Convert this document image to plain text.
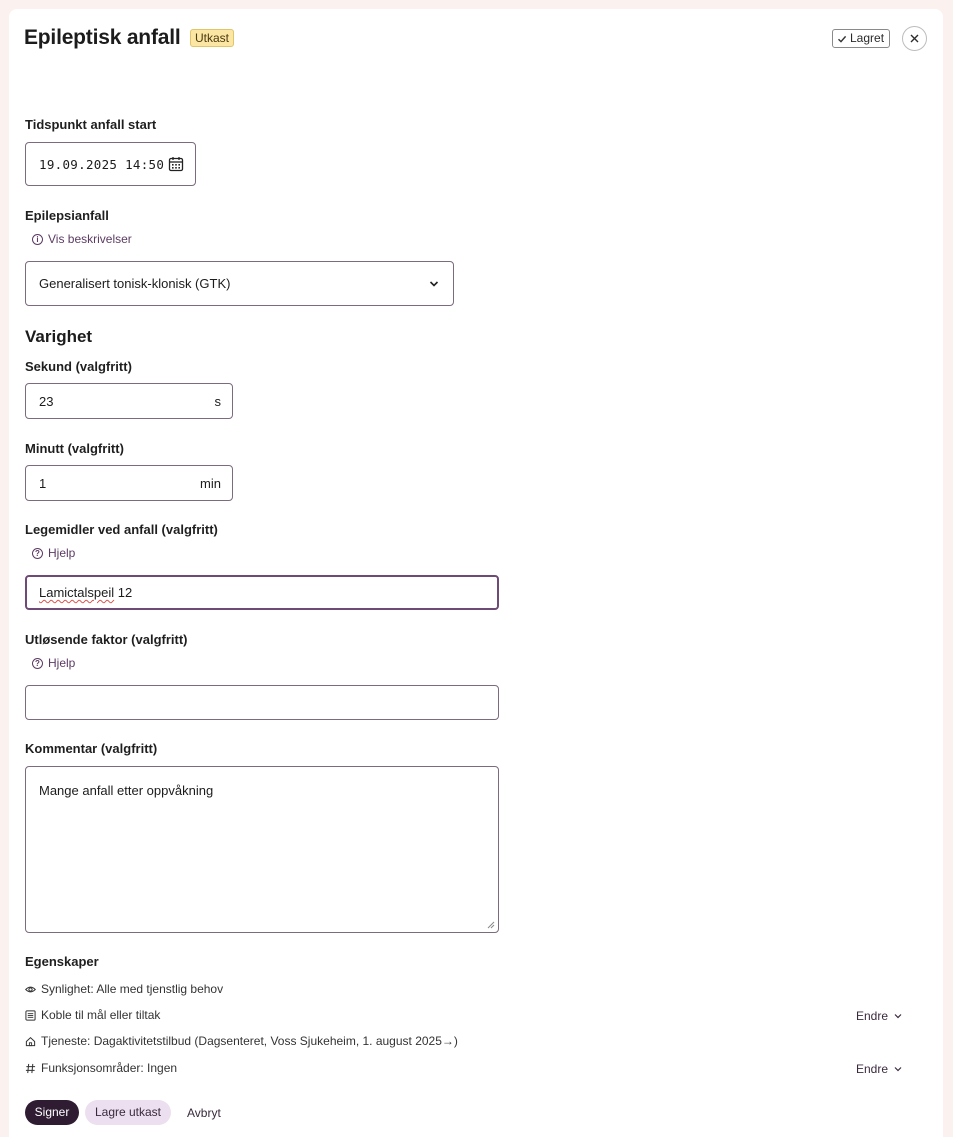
Epileptisk anfall	Utkast	Lagret
Tidspunkt anfall start
19.09.2025 14:50
Epilepsianfall
i Vis beskrivelser
Generalisert tonisk-klonisk (GTK)
Varighet
Sekund (valgfritt)
23	s
Minutt (valgfritt)
1	min
Legemidler ved anfall (valgfritt)
? Hjelp
Lamictalspeil 12
Utløsende faktor (valgfritt)
? Hjelp
Kommentar (valgfritt)
Mange anfall etter oppvåkning
Egenskaper
Synlighet: Alle med tjenstlig behov
Koble til mål eller tiltak	Endre
Tjeneste: Dagaktivitetstilbud (Dagsenteret, Voss Sjukeheim, 1. august 2025→)
Funksjonsområder: Ingen	Endre
Signer	Lagre utkast	Avbryt
